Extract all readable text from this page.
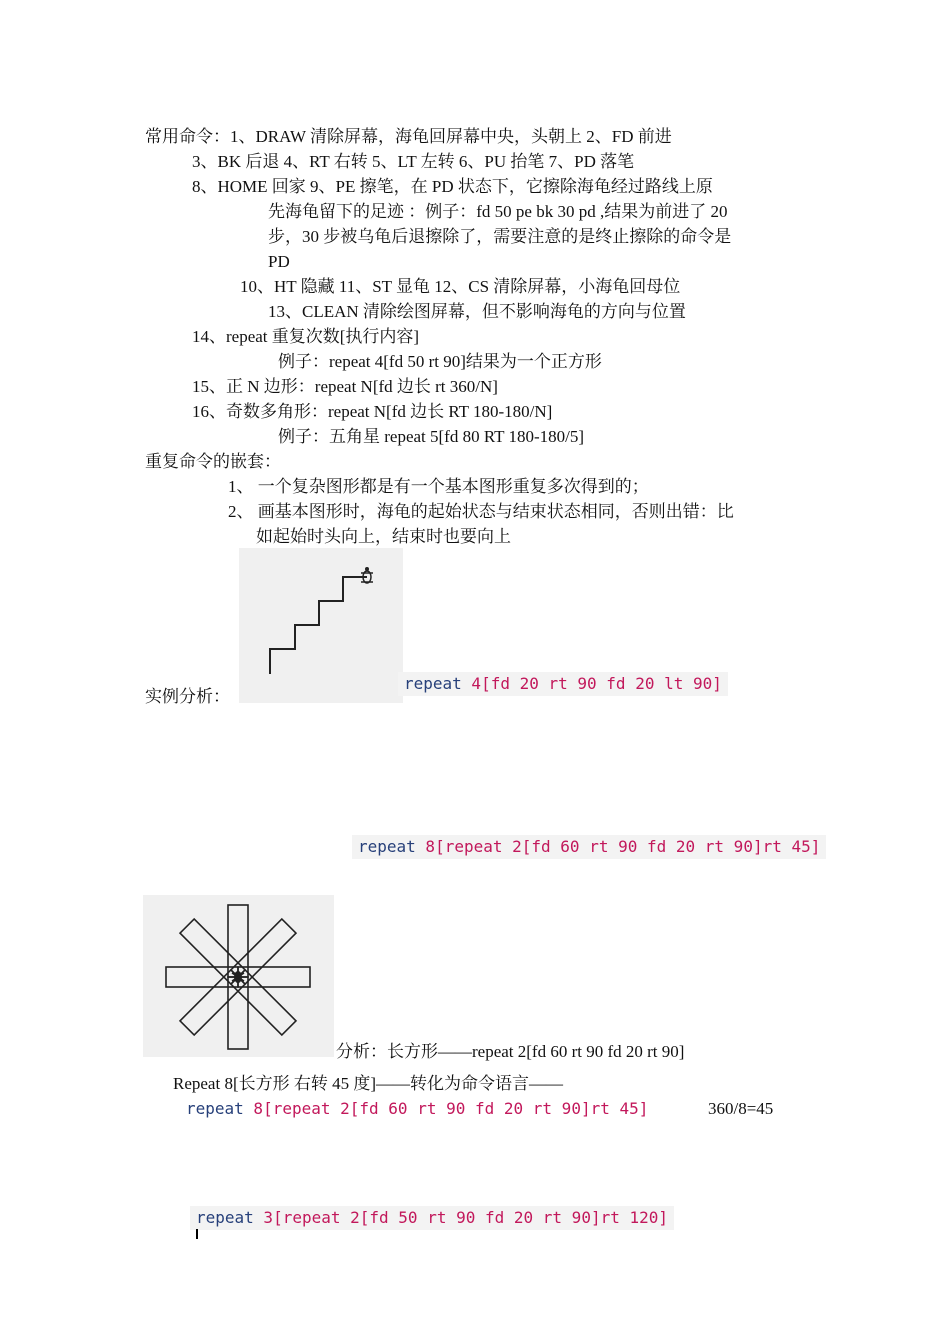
常用命令：1、DRAW 清除屏幕，海龟回屏幕中央，头朝上 2、FD 前进
3、BK 后退 4、RT 右转 5、LT 左转 6、PU 抬笔 7、PD 落笔
8、HOME 回家 9、PE 擦笔，在 PD 状态下，它擦除海龟经过路线上原
先海龟留下的足迹 ：例子：fd 50 pe bk 30 pd ,结果为前进了 20
步，30 步被乌龟后退擦除了，需要注意的是终止擦除的命令是
PD
10、HT 隐藏 11、ST 显龟 12、CS 清除屏幕，小海龟回母位
13、CLEAN 清除绘图屏幕，但不影响海龟的方向与位置
14、repeat 重复次数[执行内容]
例子：repeat 4[fd 50 rt 90]结果为一个正方形
15、正 N 边形：repeat N[fd 边长 rt 360/N]
16、奇数多角形：repeat N[fd 边长 RT 180-180/N]
例子：五角星 repeat 5[fd 80 RT 180-180/5]
重复命令的嵌套：
1、 一个复杂图形都是有一个基本图形重复多次得到的；
2、 画基本图形时，海龟的起始状态与结束状态相同，否则出错：比
如起始时头向上，结束时也要向上
实例分析：
repeat 4[fd 20 rt 90 fd 20 lt 90]
repeat 8[repeat 2[fd 60 rt 90 fd 20 rt 90]rt 45]
分析：长方形——repeat 2[fd 60 rt 90 fd 20 rt 90]
Repeat 8[长方形 右转 45 度]——转化为命令语言——
repeat 8[repeat 2[fd 60 rt 90 fd 20 rt 90]rt 45]	360/8=45
repeat 3[repeat 2[fd 50 rt 90 fd 20 rt 90]rt 120]
